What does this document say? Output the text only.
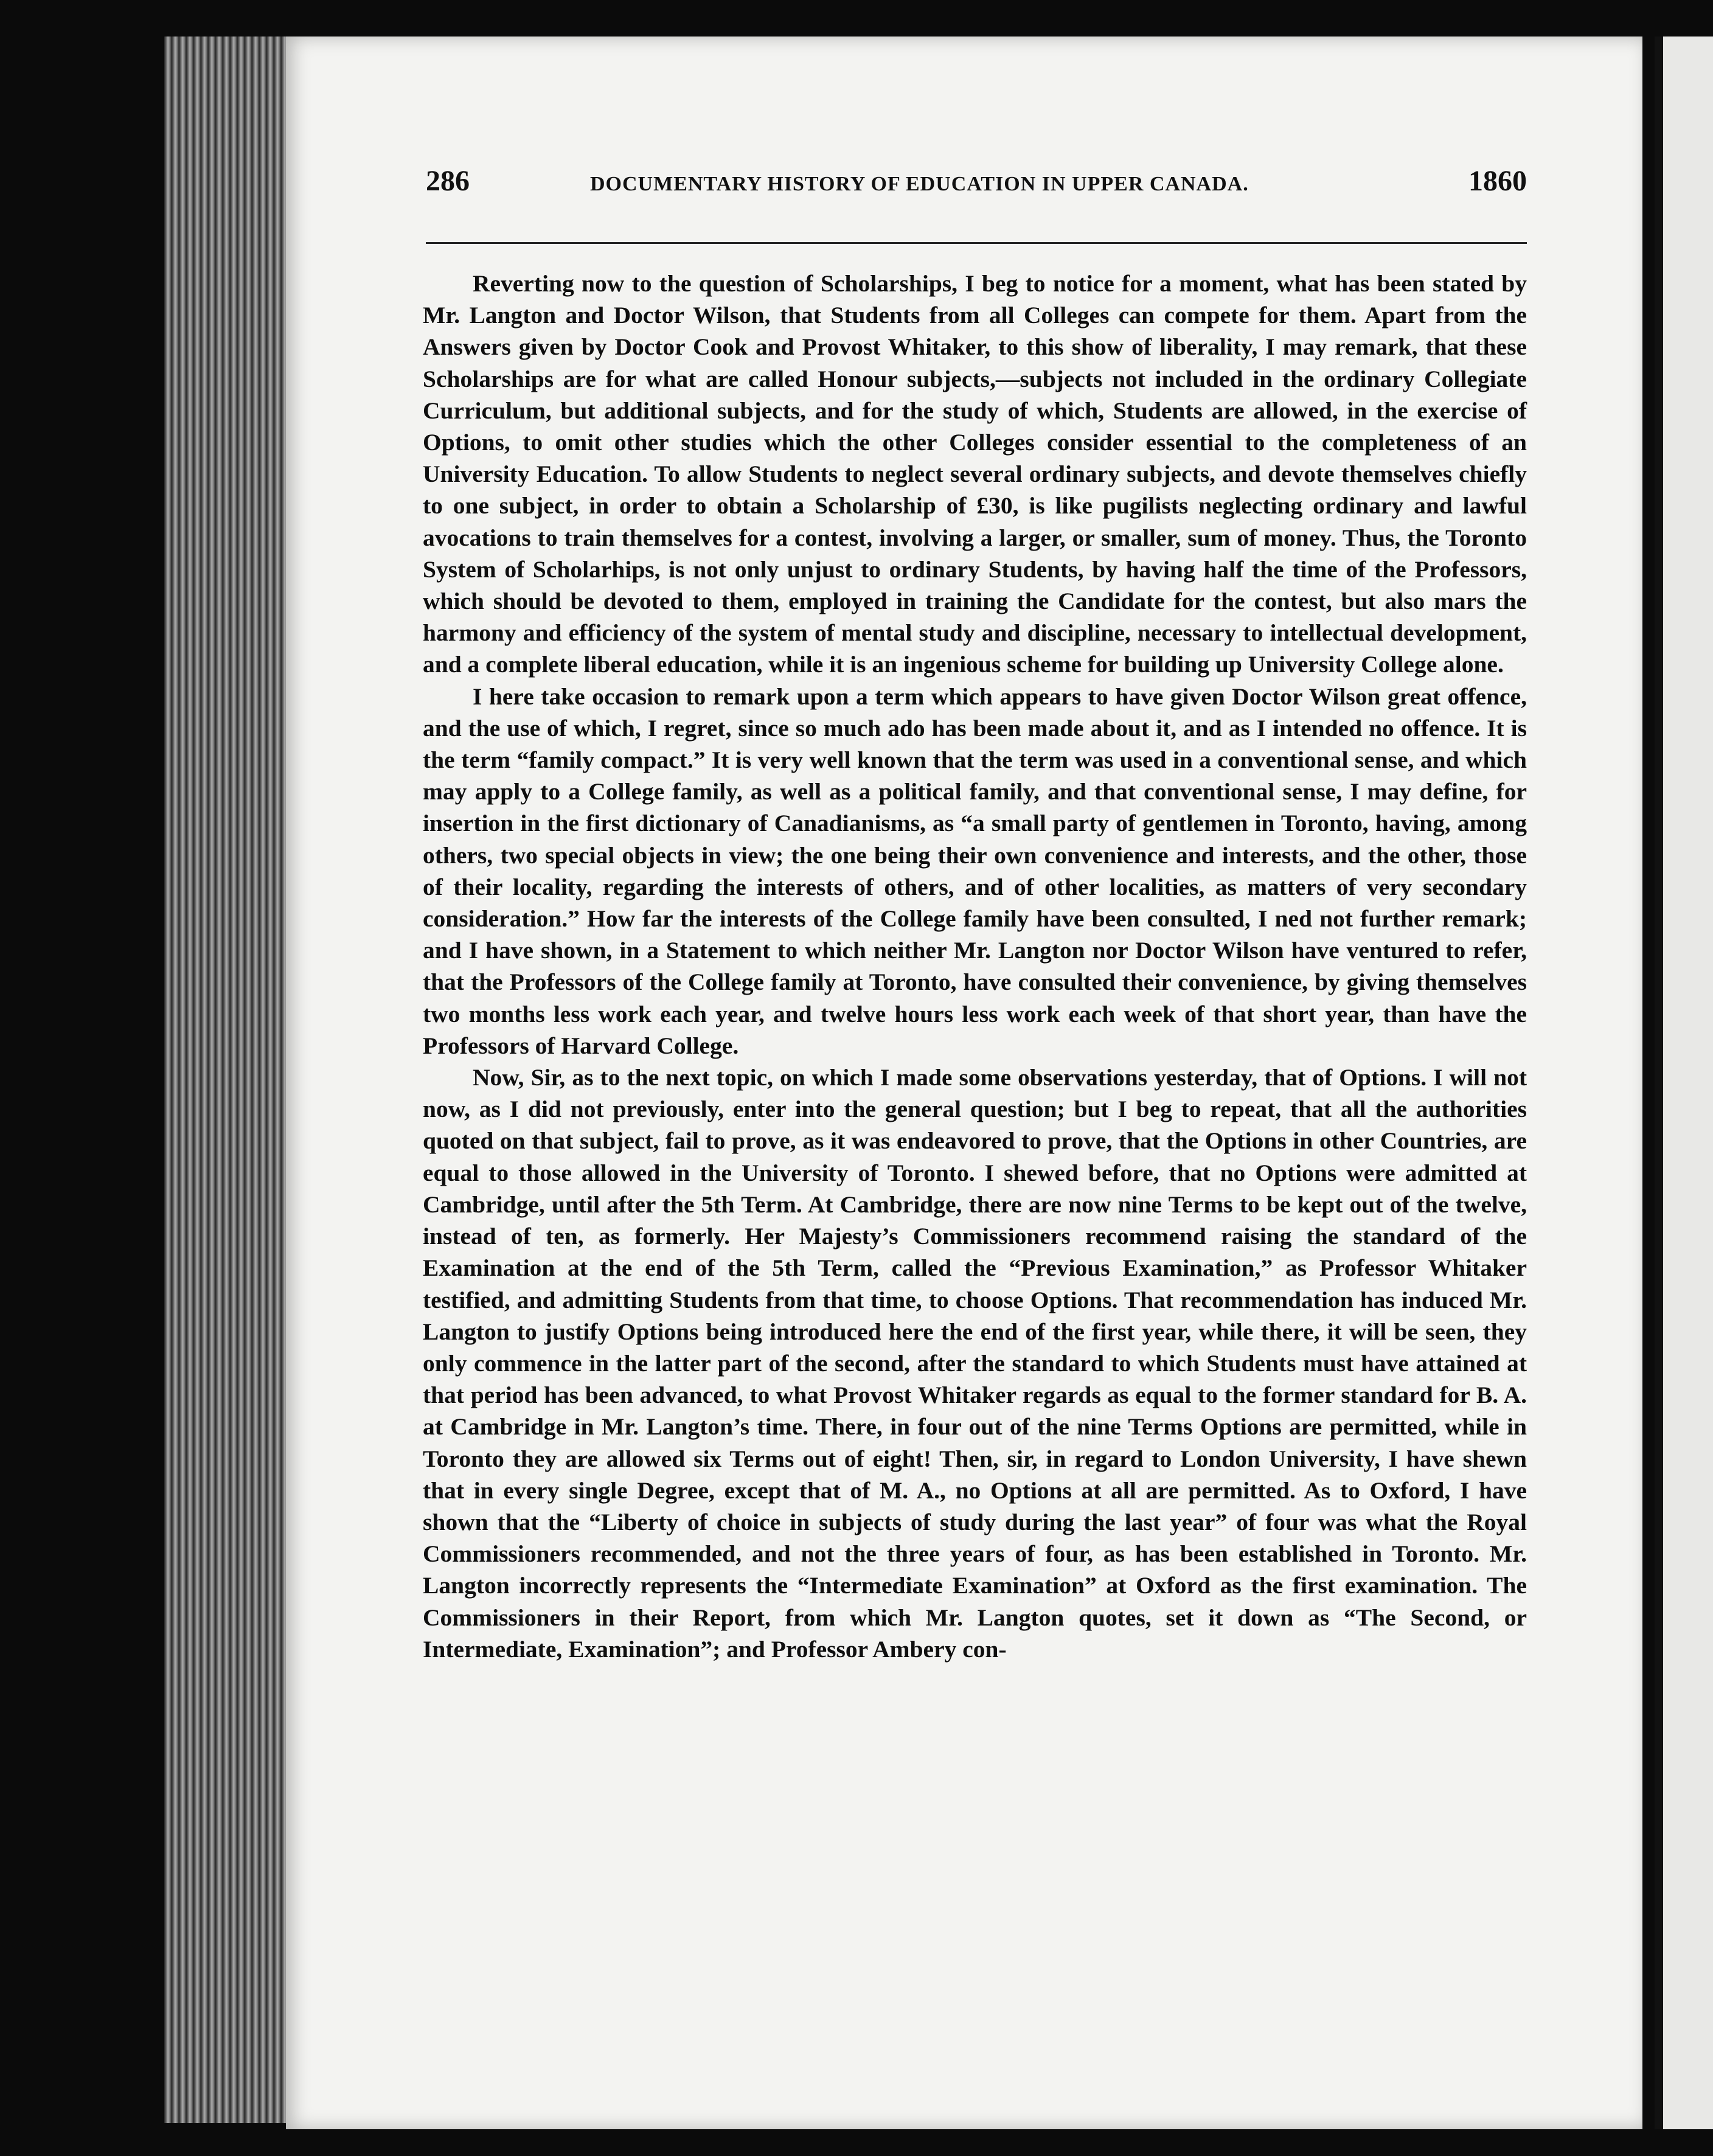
286	DOCUMENTARY HISTORY OF EDUCATION IN UPPER CANADA.	1860

Reverting now to the question of Scholarships, I beg to notice for a moment, what has been stated by Mr. Langton and Doctor Wilson, that Students from all Colleges can compete for them. Apart from the Answers given by Doctor Cook and Provost Whitaker, to this show of liberality, I may remark, that these Scholarships are for what are called Honour subjects,—subjects not included in the ordinary Collegiate Curriculum, but additional subjects, and for the study of which, Students are allowed, in the exercise of Options, to omit other studies which the other Colleges consider essential to the completeness of an University Education. To allow Students to neglect several ordinary subjects, and devote themselves chiefly to one subject, in order to obtain a Scholarship of £30, is like pugilists neglecting ordinary and lawful avocations to train themselves for a contest, involving a larger, or smaller, sum of money. Thus, the Toronto System of Scholarhips, is not only unjust to ordinary Students, by having half the time of the Professors, which should be devoted to them, employed in training the Candidate for the contest, but also mars the harmony and efficiency of the system of mental study and discipline, necessary to intellectual development, and a complete liberal education, while it is an ingenious scheme for building up University College alone.

I here take occasion to remark upon a term which appears to have given Doctor Wilson great offence, and the use of which, I regret, since so much ado has been made about it, and as I intended no offence. It is the term “family compact.” It is very well known that the term was used in a conventional sense, and which may apply to a College family, as well as a political family, and that conventional sense, I may define, for insertion in the first dictionary of Canadianisms, as “a small party of gentlemen in Toronto, having, among others, two special objects in view; the one being their own convenience and interests, and the other, those of their locality, regarding the interests of others, and of other localities, as matters of very secondary consideration.” How far the interests of the College family have been consulted, I ned not further remark; and I have shown, in a Statement to which neither Mr. Langton nor Doctor Wilson have ventured to refer, that the Professors of the College family at Toronto, have consulted their convenience, by giving themselves two months less work each year, and twelve hours less work each week of that short year, than have the Professors of Harvard College.

Now, Sir, as to the next topic, on which I made some observations yesterday, that of Options. I will not now, as I did not previously, enter into the general question; but I beg to repeat, that all the authorities quoted on that subject, fail to prove, as it was endeavored to prove, that the Options in other Countries, are equal to those allowed in the University of Toronto. I shewed before, that no Options were admitted at Cambridge, until after the 5th Term. At Cambridge, there are now nine Terms to be kept out of the twelve, instead of ten, as formerly. Her Majesty’s Commissioners recommend raising the standard of the Examination at the end of the 5th Term, called the “Previous Examination,” as Professor Whitaker testified, and admitting Students from that time, to choose Options. That recommendation has induced Mr. Langton to justify Options being introduced here the end of the first year, while there, it will be seen, they only commence in the latter part of the second, after the standard to which Students must have attained at that period has been advanced, to what Provost Whitaker regards as equal to the former standard for B. A. at Cambridge in Mr. Langton’s time. There, in four out of the nine Terms Options are permitted, while in Toronto they are allowed six Terms out of eight! Then, sir, in regard to London University, I have shewn that in every single Degree, except that of M. A., no Options at all are permitted. As to Oxford, I have shown that the “Liberty of choice in subjects of study during the last year” of four was what the Royal Commissioners recommended, and not the three years of four, as has been established in Toronto. Mr. Langton incorrectly represents the “Intermediate Examination” at Oxford as the first examination. The Commissioners in their Report, from which Mr. Langton quotes, set it down as “The Second, or Intermediate, Examination”; and Professor Ambery con-
